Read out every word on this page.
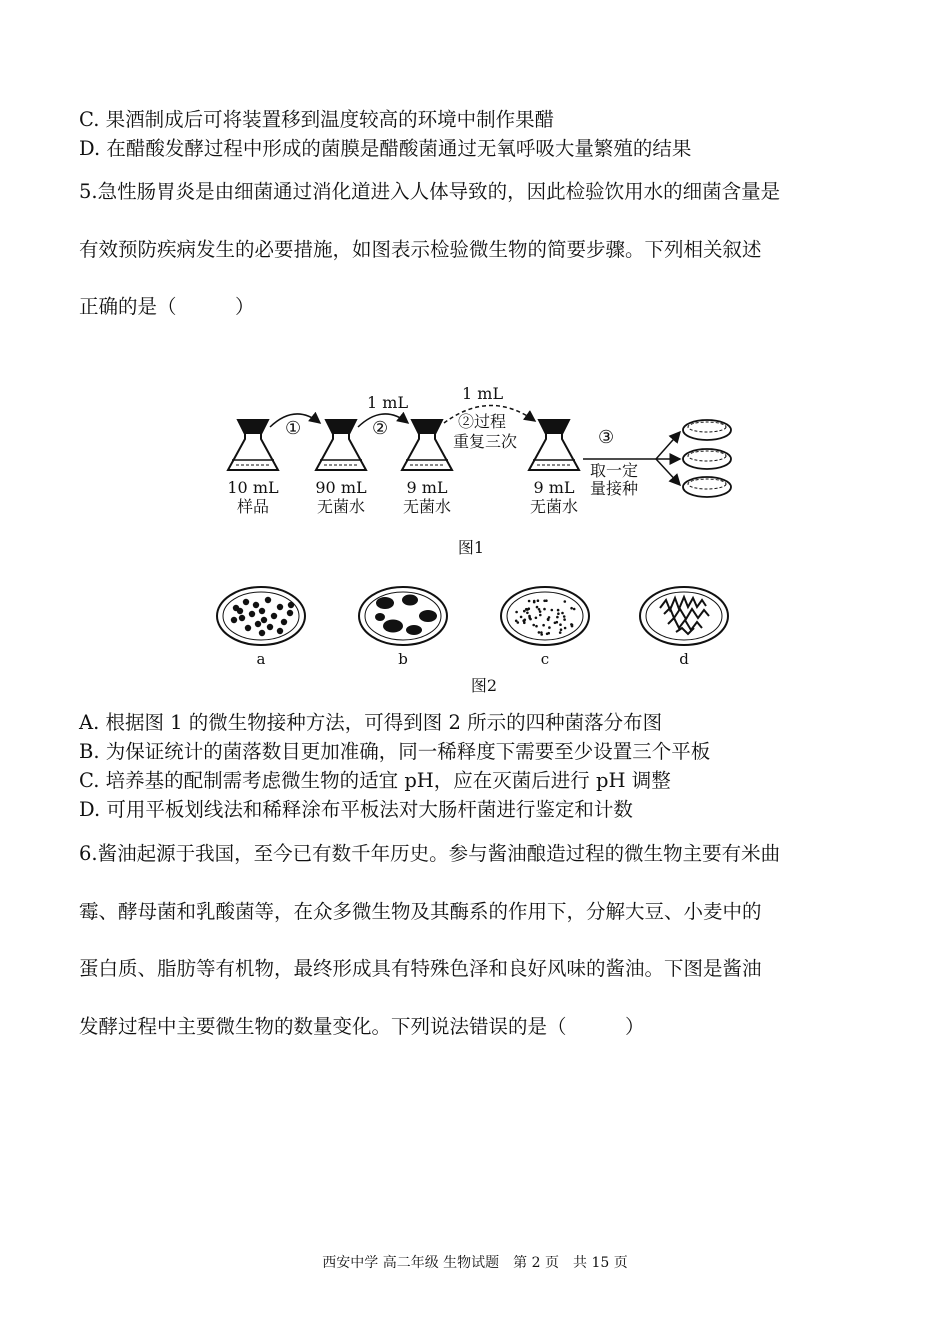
C. 果酒制成后可将装置移到温度较高的环境中制作果醋
D. 在醋酸发酵过程中形成的菌膜是醋酸菌通过无氧呼吸大量繁殖的结果
5.急性肠胃炎是由细菌通过消化道进入人体导致的，因此检验饮用水的细菌含量是
有效预防疾病发生的必要措施，如图表示检验微生物的简要步骤。下列相关叙述
正确的是（　　　）
①	②
1 mL	1 mL
②过程
重复三次	③
取一定
量接种
10 mL
样品
90 mL
无菌水
9 mL
无菌水
9 mL
无菌水
图1
a	b	c	d
图2
A. 根据图 1 的微生物接种方法，可得到图 2 所示的四种菌落分布图
B. 为保证统计的菌落数目更加准确，同一稀释度下需要至少设置三个平板
C. 培养基的配制需考虑微生物的适宜 pH，应在灭菌后进行 pH 调整
D. 可用平板划线法和稀释涂布平板法对大肠杆菌进行鉴定和计数
6.酱油起源于我国，至今已有数千年历史。参与酱油酿造过程的微生物主要有米曲
霉、酵母菌和乳酸菌等，在众多微生物及其酶系的作用下，分解大豆、小麦中的
蛋白质、脂肪等有机物，最终形成具有特殊色泽和良好风味的酱油。下图是酱油
发酵过程中主要微生物的数量变化。下列说法错误的是（　　　）
西安中学 高二年级 生物试题　第 2 页　共 15 页
